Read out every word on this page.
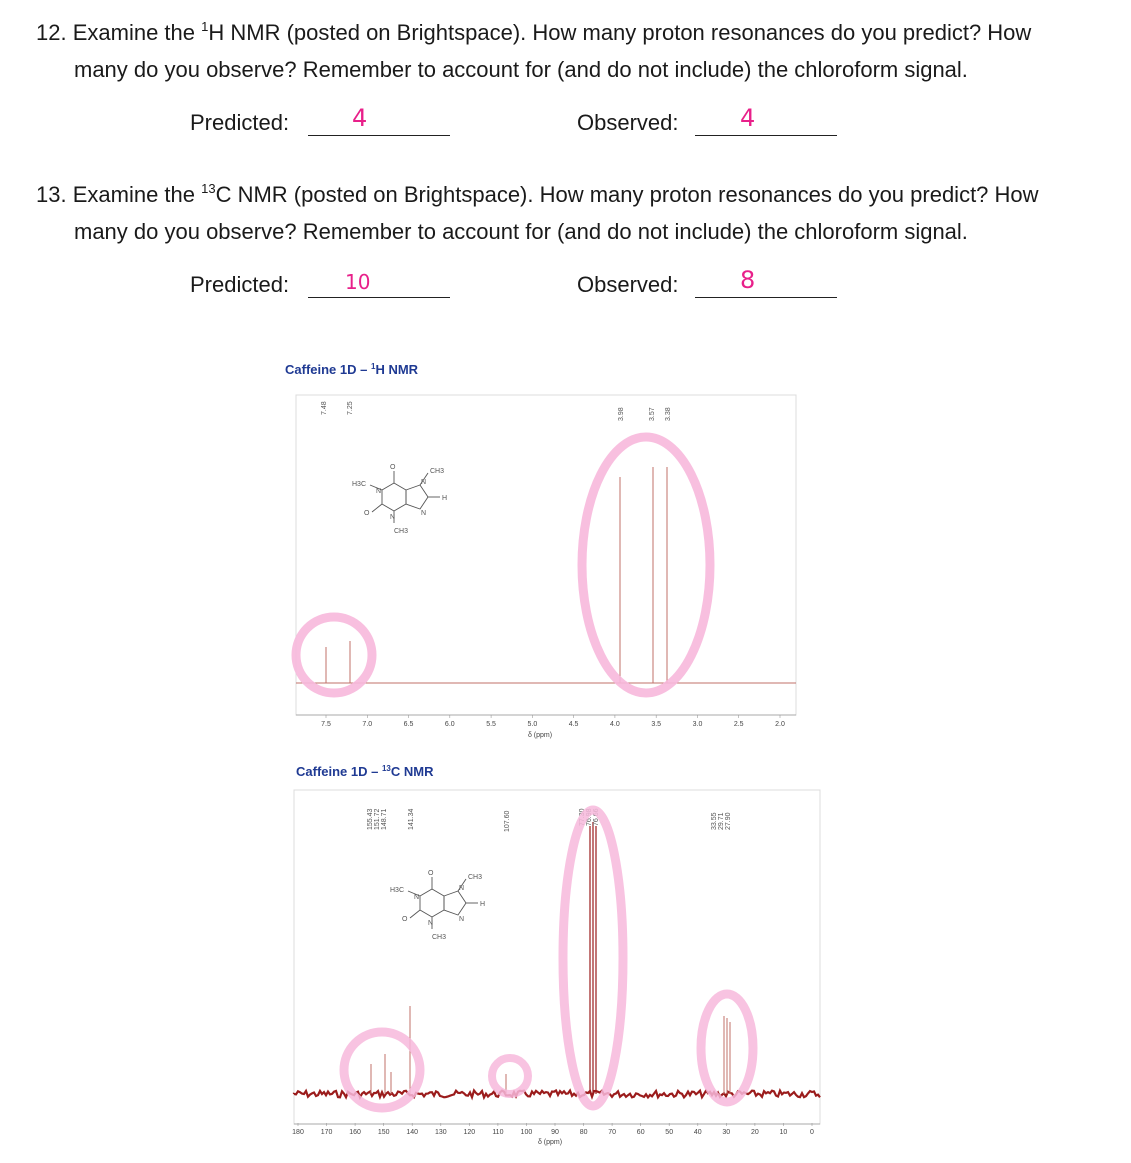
12. Examine the $^1$H NMR (posted on Brightspace). How many proton resonances do you predict? How
many do you observe? Remember to account for (and do not include) the chloroform signal.
Predicted:	4	Observed:	4
13. Examine the $^{13}$C NMR (posted on Brightspace). How many proton resonances do you predict? How
many do you observe? Remember to account for (and do not include) the chloroform signal.
Predicted:	10	Observed:	8
Caffeine 1D – $^1$H NMR
7.48	7.25	3.98	3.57 3.38
CH3
H3C
O
O
N
N
N
N
CH3
H
7.5	7.0	6.5	6.0	5.5	5.0	4.5	4.0	3.5	3.0	2.5	2.0
δ (ppm)
Caffeine 1D – $^{13}$C NMR
155.43 151.72 148.71	141.34	107.60	77.30 76.98 76.66	33.55 29.71 27.90
CH3
H3C
O
O
N
N
N
N
CH3
H
180 170 160 150 140 130 120 110 100	90	80	70	60	50	40	30	20	10	0
δ (ppm)
